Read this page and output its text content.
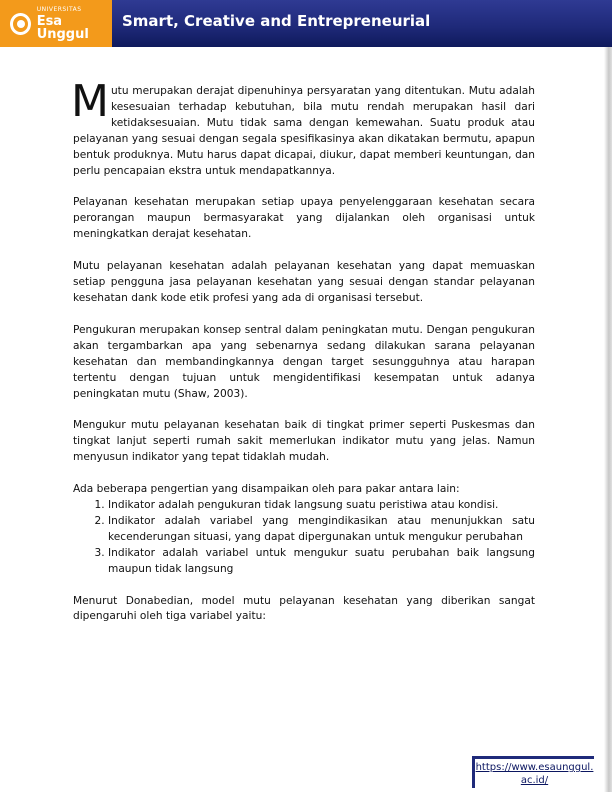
UNIVERSITAS
Esa Unggul
Smart, Creative and Entrepreneurial

Mutu merupakan derajat dipenuhinya persyaratan yang ditentukan. Mutu adalah kesesuaian terhadap kebutuhan, bila mutu rendah merupakan hasil dari ketidaksesuaian. Mutu tidak sama dengan kemewahan. Suatu produk atau pelayanan yang sesuai dengan segala spesifikasinya akan dikatakan bermutu, apapun bentuk produknya. Mutu harus dapat dicapai, diukur, dapat memberi keuntungan, dan perlu pencapaian ekstra untuk mendapatkannya.

Pelayanan kesehatan merupakan setiap upaya penyelenggaraan kesehatan secara perorangan maupun bermasyarakat yang dijalankan oleh organisasi untuk meningkatkan derajat kesehatan.

Mutu pelayanan kesehatan adalah pelayanan kesehatan yang dapat memuaskan setiap pengguna jasa pelayanan kesehatan yang sesuai dengan standar pelayanan kesehatan dank kode etik profesi yang ada di organisasi tersebut.

Pengukuran merupakan konsep sentral dalam peningkatan mutu. Dengan pengukuran akan tergambarkan apa yang sebenarnya sedang dilakukan sarana pelayanan kesehatan dan membandingkannya dengan target sesungguhnya atau harapan tertentu dengan tujuan untuk mengidentifikasi kesempatan untuk adanya peningkatan mutu (Shaw, 2003).

Mengukur mutu pelayanan kesehatan baik di tingkat primer seperti Puskesmas dan tingkat lanjut seperti rumah sakit memerlukan indikator mutu yang jelas. Namun menyusun indikator yang tepat tidaklah mudah.

Ada beberapa pengertian yang disampaikan oleh para pakar antara lain:

1. Indikator adalah pengukuran tidak langsung suatu peristiwa atau kondisi.
2. Indikator adalah variabel yang mengindikasikan atau menunjukkan satu kecenderungan situasi, yang dapat dipergunakan untuk mengukur perubahan
3. Indikator adalah variabel untuk mengukur suatu perubahan baik langsung maupun tidak langsung

Menurut Donabedian, model mutu pelayanan kesehatan yang diberikan sangat dipengaruhi oleh tiga variabel yaitu:

https://www.esaunggul.
ac.id/
